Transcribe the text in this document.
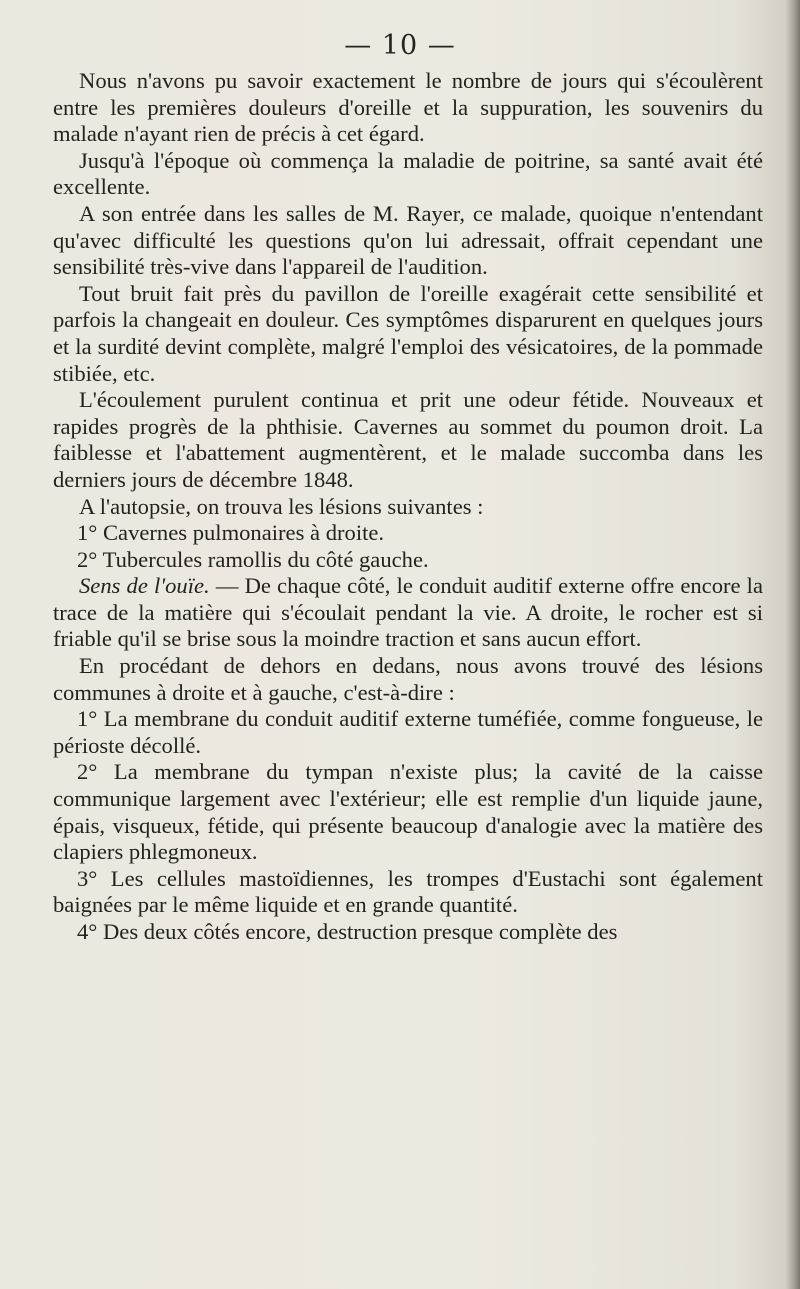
— 10 —

Nous n'avons pu savoir exactement le nombre de jours qui s'écoulèrent entre les premières douleurs d'oreille et la suppuration, les souvenirs du malade n'ayant rien de précis à cet égard.

Jusqu'à l'époque où commença la maladie de poitrine, sa santé avait été excellente.

A son entrée dans les salles de M. Rayer, ce malade, quoique n'entendant qu'avec difficulté les questions qu'on lui adressait, offrait cependant une sensibilité très-vive dans l'appareil de l'audition.

Tout bruit fait près du pavillon de l'oreille exagérait cette sensibilité et parfois la changeait en douleur. Ces symptômes disparurent en quelques jours et la surdité devint complète, malgré l'emploi des vésicatoires, de la pommade stibiée, etc.

L'écoulement purulent continua et prit une odeur fétide. Nouveaux et rapides progrès de la phthisie. Cavernes au sommet du poumon droit. La faiblesse et l'abattement augmentèrent, et le malade succomba dans les derniers jours de décembre 1848.

A l'autopsie, on trouva les lésions suivantes :

1° Cavernes pulmonaires à droite.

2° Tubercules ramollis du côté gauche.

Sens de l'ouïe. — De chaque côté, le conduit auditif externe offre encore la trace de la matière qui s'écoulait pendant la vie. A droite, le rocher est si friable qu'il se brise sous la moindre traction et sans aucun effort.

En procédant de dehors en dedans, nous avons trouvé des lésions communes à droite et à gauche, c'est-à-dire :

1° La membrane du conduit auditif externe tuméfiée, comme fongueuse, le périoste décollé.

2° La membrane du tympan n'existe plus; la cavité de la caisse communique largement avec l'extérieur; elle est remplie d'un liquide jaune, épais, visqueux, fétide, qui présente beaucoup d'analogie avec la matière des clapiers phlegmoneux.

3° Les cellules mastoïdiennes, les trompes d'Eustachi sont également baignées par le même liquide et en grande quantité.

4° Des deux côtés encore, destruction presque complète des
